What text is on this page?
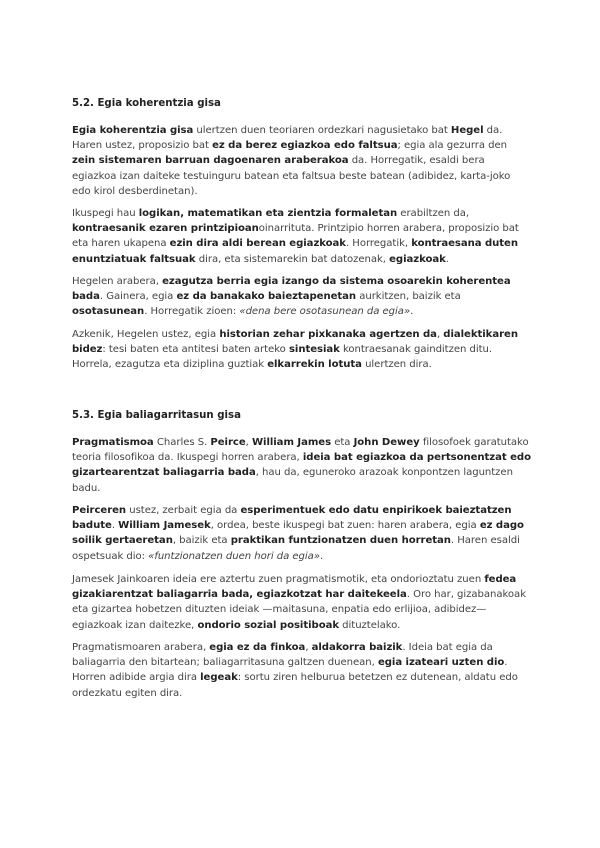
5.2. Egia koherentzia gisa

Egia koherentzia gisa ulertzen duen teoriaren ordezkari nagusietako bat Hegel da. Haren ustez, proposizio bat ez da berez egiazkoa edo faltsua; egia ala gezurra den zein sistemaren barruan dagoenaren araberakoa da. Horregatik, esaldi bera egiazkoa izan daiteke testuinguru batean eta faltsua beste batean (adibidez, karta-joko edo kirol desberdinetan).

Ikuspegi hau logikan, matematikan eta zientzia formaletan erabiltzen da, kontraesanik ezaren printzipioanoinarrituta. Printzipio horren arabera, proposizio bat eta haren ukapena ezin dira aldi berean egiazkoak. Horregatik, kontraesana duten enuntziatuak faltsuak dira, eta sistemarekin bat datozenak, egiazkoak.

Hegelen arabera, ezagutza berria egia izango da sistema osoarekin koherentea bada. Gainera, egia ez da banakako baieztapenetan aurkitzen, baizik eta osotasunean. Horregatik zioen: «dena bere osotasunean da egia».

Azkenik, Hegelen ustez, egia historian zehar pixkanaka agertzen da, dialektikaren bidez: tesi baten eta antitesi baten arteko sintesiak kontraesanak gainditzen ditu. Horrela, ezagutza eta diziplina guztiak elkarrekin lotuta ulertzen dira.

5.3. Egia baliagarritasun gisa

Pragmatismoa Charles S. Peirce, William James eta John Dewey filosofoek garatutako teoria filosofikoa da. Ikuspegi horren arabera, ideia bat egiazkoa da pertsonentzat edo gizartearentzat baliagarria bada, hau da, eguneroko arazoak konpontzen laguntzen badu.

Peirceren ustez, zerbait egia da esperimentuek edo datu enpirikoek baieztatzen badute. William Jamesek, ordea, beste ikuspegi bat zuen: haren arabera, egia ez dago soilik gertaeretan, baizik eta praktikan funtzionatzen duen horretan. Haren esaldi ospetsuak dio: «funtzionatzen duen hori da egia».

Jamesek Jainkoaren ideia ere aztertu zuen pragmatismotik, eta ondorioztatu zuen fedea gizakiarentzat baliagarria bada, egiazkotzat har daitekeela. Oro har, gizabanakoak eta gizartea hobetzen dituzten ideiak —maitasuna, enpatia edo erlijioa, adibidez— egiazkoak izan daitezke, ondorio sozial positiboak dituztelako.

Pragmatismoaren arabera, egia ez da finkoa, aldakorra baizik. Ideia bat egia da baliagarria den bitartean; baliagarritasuna galtzen duenean, egia izateari uzten dio. Horren adibide argia dira legeak: sortu ziren helburua betetzen ez dutenean, aldatu edo ordezkatu egiten dira.
